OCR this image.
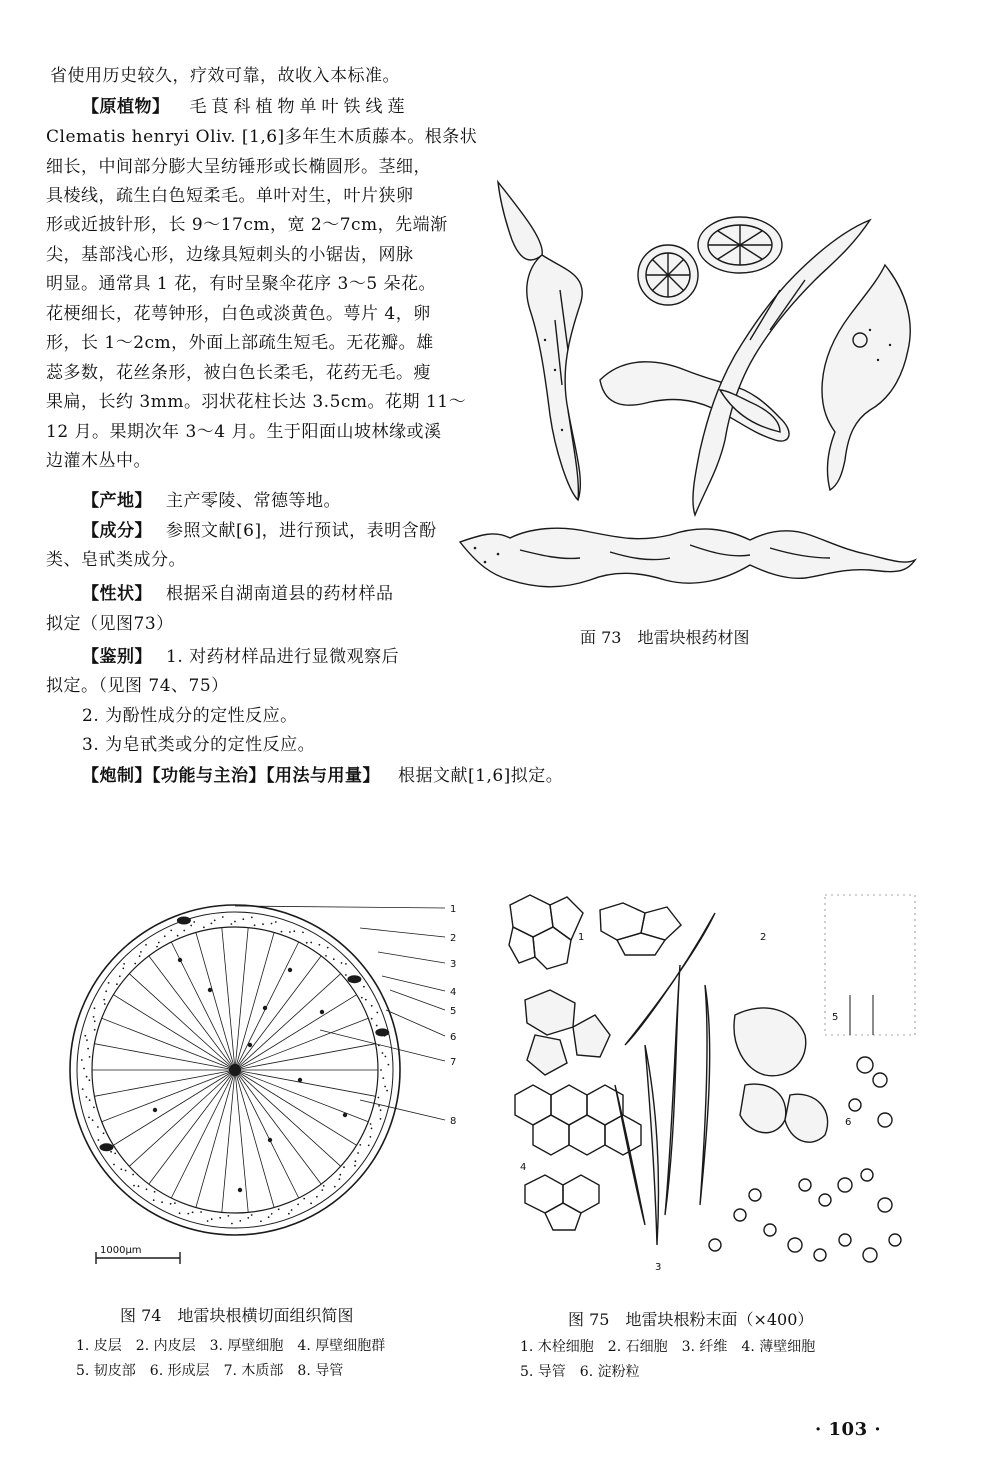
省使用历史较久，疗效可靠，故收入本标准。
【原植物】 毛茛科植物单叶铁线莲
Clematis henryi Oliv. [1,6]多年生木质藤本。根条状
细长，中间部分膨大呈纺锤形或长椭圆形。茎细，
具棱线，疏生白色短柔毛。单叶对生，叶片狭卵
形或近披针形，长 9～17cm，宽 2～7cm，先端渐
尖，基部浅心形，边缘具短刺头的小锯齿，网脉
明显。通常具 1 花，有时呈聚伞花序 3～5 朵花。
花梗细长，花萼钟形，白色或淡黄色。萼片 4，卵
形，长 1～2cm，外面上部疏生短毛。无花瓣。雄
蕊多数，花丝条形，被白色长柔毛，花药无毛。瘦
果扁，长约 3mm。羽状花柱长达 3.5cm。花期 11～
12 月。果期次年 3～4 月。生于阳面山坡林缘或溪
边灌木丛中。
【产地】 主产零陵、常德等地。
【成分】 参照文献[6]，进行预试，表明含酚
类、皂甙类成分。
【性状】 根据采自湖南道县的药材样品
拟定（见图73）
【鉴别】 1. 对药材样品进行显微观察后
拟定。（见图 74、75）
2. 为酚性成分的定性反应。
3. 为皂甙类或分的定性反应。
【炮制】【功能与主治】【用法与用量】 根据文献[1,6]拟定。
面 73　地雷块根药材图
1
2
3
4
5
6
7
8
1000μm
图 74　地雷块根横切面组织简图
1. 皮层　2. 内皮层　3. 厚壁细胞　4. 厚壁细胞群
5. 韧皮部　6. 形成层　7. 木质部　8. 导管
1	2
3
4
5
6
图 75　地雷块根粉末面（×400）
1. 木栓细胞　2. 石细胞　3. 纤维　4. 薄壁细胞
5. 导管　6. 淀粉粒
· 103 ·
